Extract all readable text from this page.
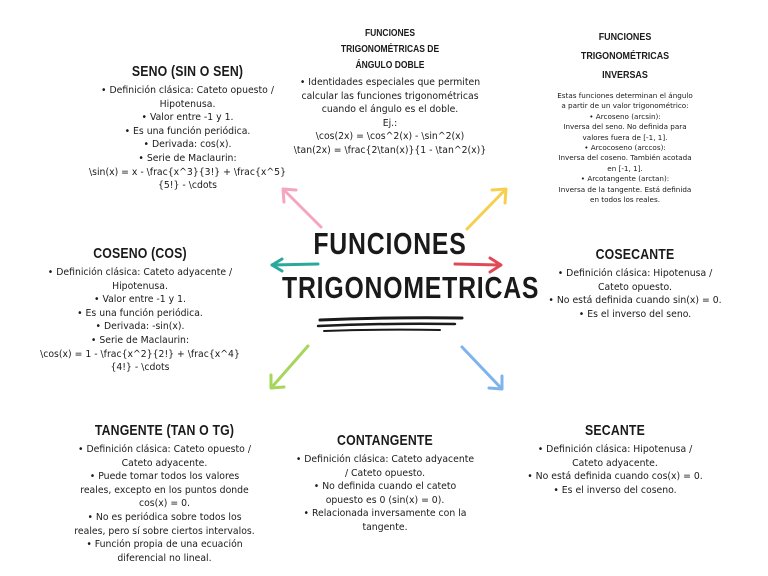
FUNCIONES
TRIGONOMETRICAS
SENO (SIN O SEN)
• Definición clásica: Cateto opuesto /
Hipotenusa.
• Valor entre -1 y 1.
• Es una función periódica.
• Derivada: cos(x).
• Serie de Maclaurin:
\sin(x) = x - \frac{x^3}{3!} + \frac{x^5}
{5!} - \cdots
FUNCIONES
TRIGONOMÉTRICAS DE
ÁNGULO DOBLE
• Identidades especiales que permiten
calcular las funciones trigonométricas
cuando el ángulo es el doble.
Ej.:
\cos(2x) = \cos^2(x) - \sin^2(x)
\tan(2x) = \frac{2\tan(x)}{1 - \tan^2(x)}
FUNCIONES
TRIGONOMÉTRICAS
INVERSAS
Estas funciones determinan el ángulo
a partir de un valor trigonométrico:
• Arcoseno (arcsin):
Inversa del seno. No definida para
valores fuera de [-1, 1].
• Arcocoseno (arccos):
Inversa del coseno. También acotada
en [-1, 1].
• Arcotangente (arctan):
Inversa de la tangente. Está definida
en todos los reales.
COSENO (COS)
• Definición clásica: Cateto adyacente /
Hipotenusa.
• Valor entre -1 y 1.
• Es una función periódica.
• Derivada: -sin(x).
• Serie de Maclaurin:
\cos(x) = 1 - \frac{x^2}{2!} + \frac{x^4}
{4!} - \cdots
COSECANTE
• Definición clásica: Hipotenusa /
Cateto opuesto.
• No está definida cuando sin(x) = 0.
• Es el inverso del seno.
TANGENTE (TAN O TG)
• Definición clásica: Cateto opuesto /
Cateto adyacente.
• Puede tomar todos los valores
reales, excepto en los puntos donde
cos(x) = 0.
• No es periódica sobre todos los
reales, pero sí sobre ciertos intervalos.
• Función propia de una ecuación
diferencial no lineal.
CONTANGENTE
• Definición clásica: Cateto adyacente
/ Cateto opuesto.
• No definida cuando el cateto
opuesto es 0 (sin(x) = 0).
• Relacionada inversamente con la
tangente.
SECANTE
• Definición clásica: Hipotenusa /
Cateto adyacente.
• No está definida cuando cos(x) = 0.
• Es el inverso del coseno.
